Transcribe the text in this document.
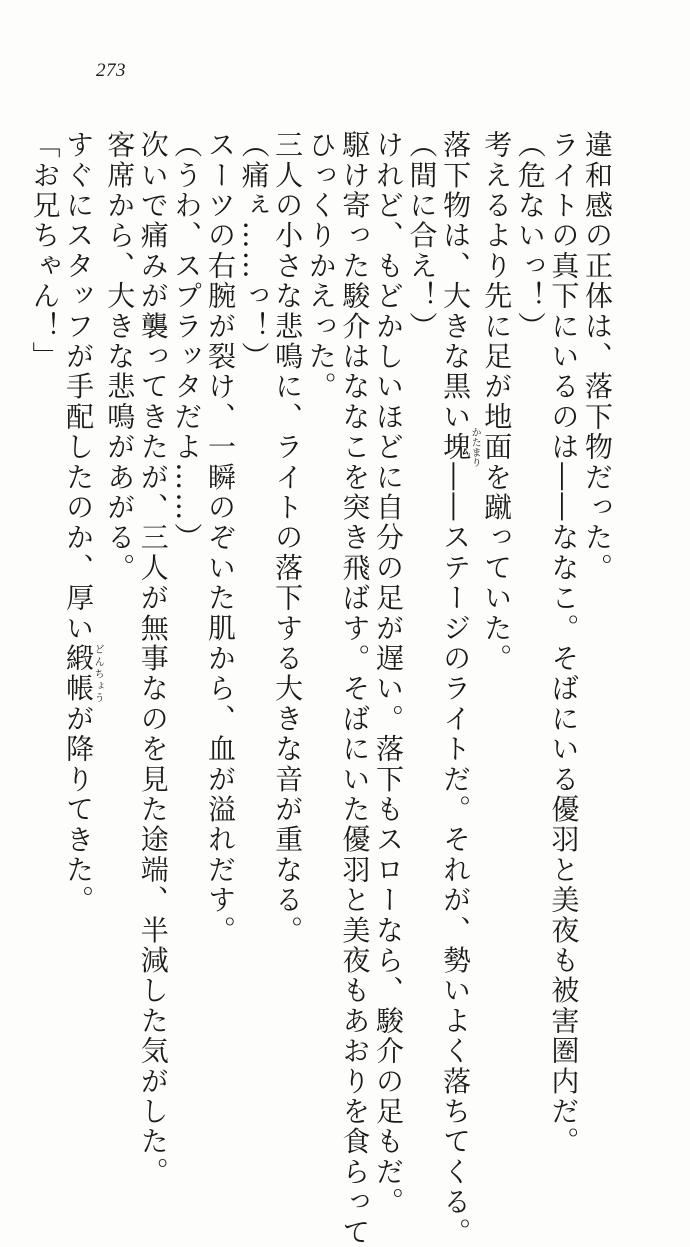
273
違和感の正体は、落下物だった。
ライトの真下にいるのは――ななこ。そばにいる優羽と美夜も被害圏内だ。
（危ないっ！）
考えるより先に足が地面を蹴っていた。
落下物は、大きな黒い塊かたまり――ステージのライトだ。それが、勢いよく落ちてくる。
（間に合え！）
けれど、もどかしいほどに自分の足が遅い。落下もスローなら、駿介の足もだ。
駆け寄った駿介はななこを突き飛ばす。そばにいた優羽と美夜もあおりを食らって
ひっくりかえった。
三人の小さな悲鳴に、ライトの落下する大きな音が重なる。
（痛ぇ……っ！）
スーツの右腕が裂け、一瞬のぞいた肌から、血が溢れだす。
（うわ、スプラッタだよ……）
次いで痛みが襲ってきたが、三人が無事なのを見た途端、半減した気がした。
客席から、大きな悲鳴があがる。
すぐにスタッフが手配したのか、厚い緞帳どんちょうが降りてきた。
「お兄ちゃん！」
